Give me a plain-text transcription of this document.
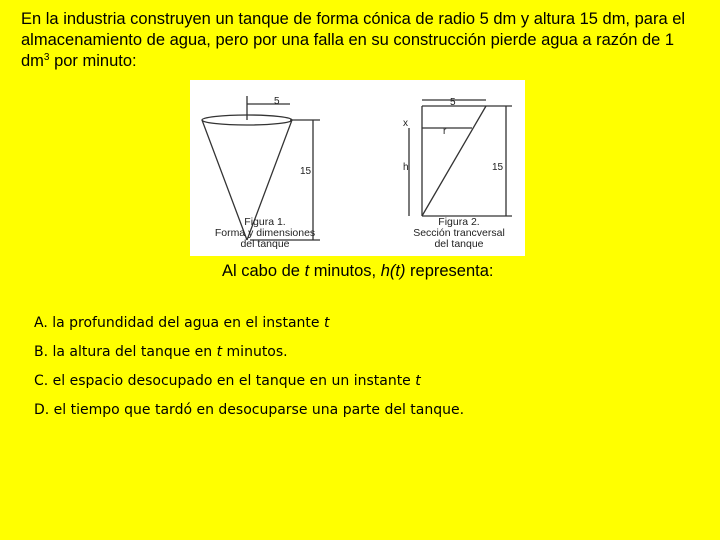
En la industria construyen un tanque de forma cónica de radio 5 dm y altura 15 dm, para el almacenamiento de agua, pero por una falla en su construcción pierde agua a razón de 1 $dm^3$ por minuto:
5
15
Figura 1.
Forma y dimensiones
del tanque
5
x
r
h	15
Figura 2.
Sección trancversal
del tanque
Al cabo de t minutos, h(t) representa:
A. la profundidad del agua en el instante t
B. la altura del tanque en t minutos.
C. el espacio desocupado en el tanque en un instante t
D. el tiempo que tardó en desocuparse una parte del tanque.
